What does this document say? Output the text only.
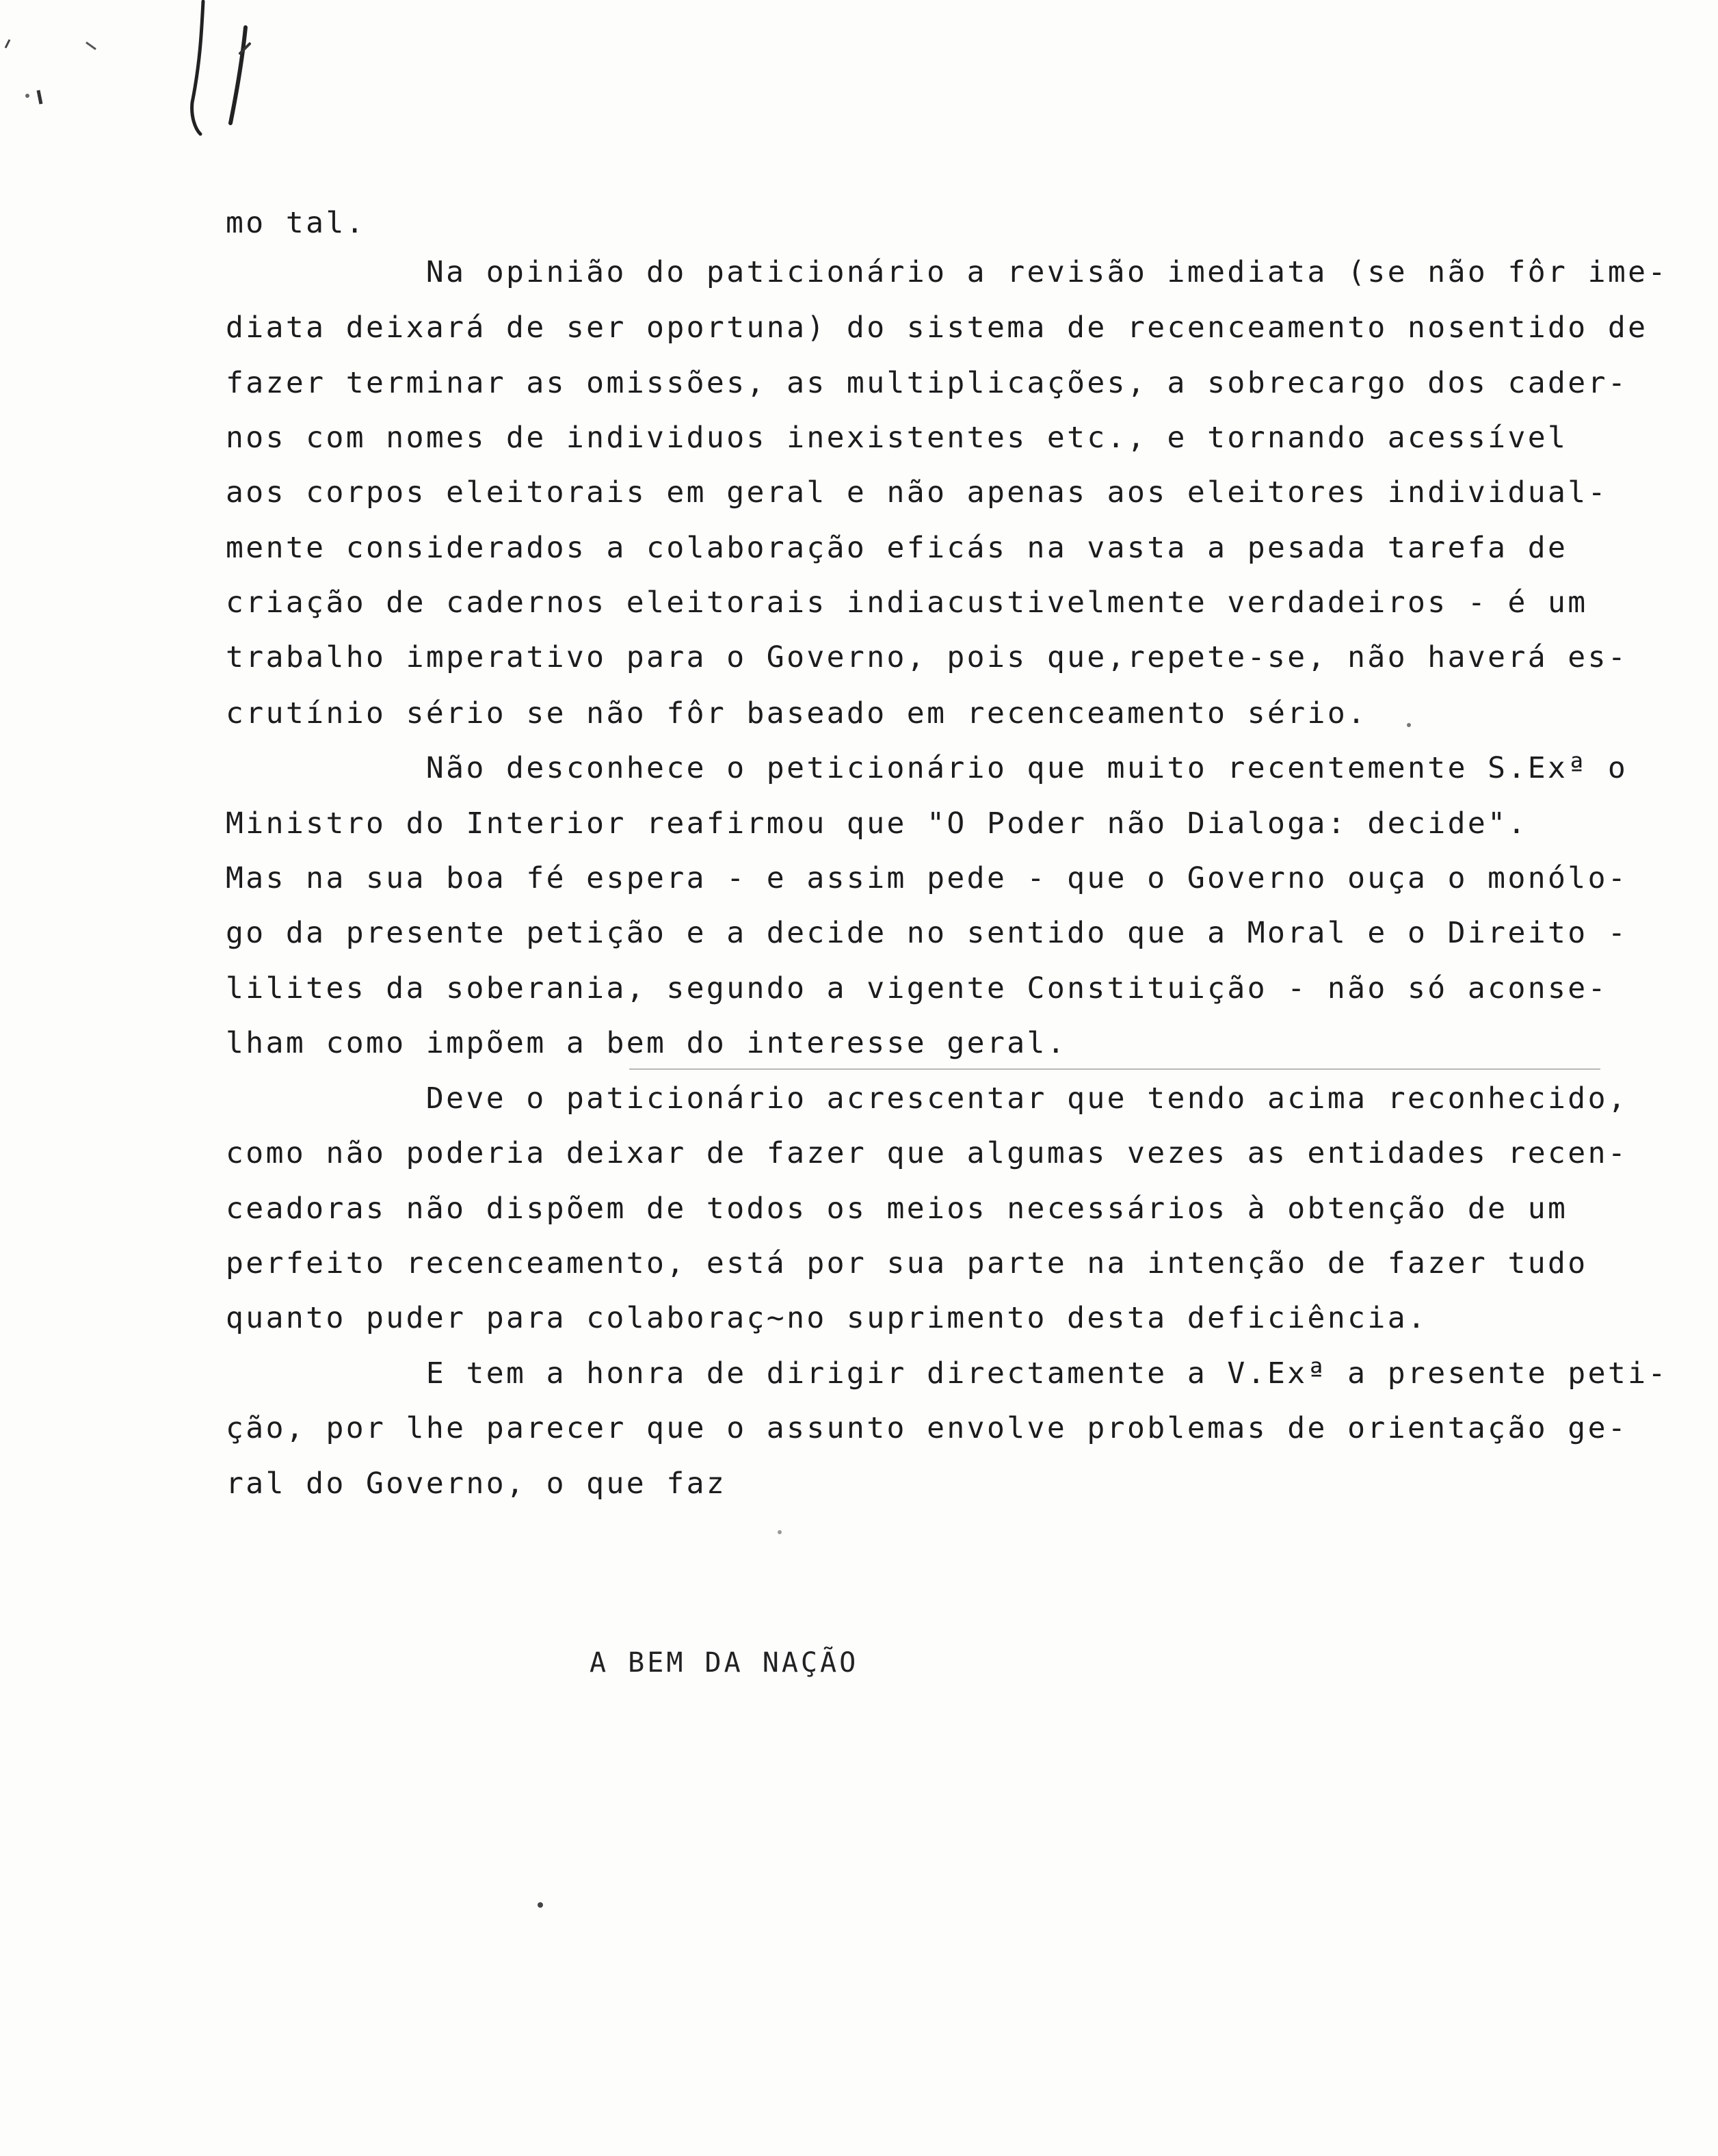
mo tal.
Na opinião do paticionário a revisão imediata (se não fôr ime-
diata deixará de ser oportuna) do sistema de recenceamento nosentido de
fazer terminar as omissões, as multiplicações, a sobrecargo dos cader-
nos com nomes de individuos inexistentes etc., e tornando acessível
aos corpos eleitorais em geral e não apenas aos eleitores individual-
mente considerados a colaboração eficás na vasta a pesada tarefa de
criação de cadernos eleitorais indiacustivelmente verdadeiros - é um
trabalho imperativo para o Governo, pois que,repete-se, não haverá es-
crutínio sério se não fôr baseado em recenceamento sério.
Não desconhece o peticionário que muito recentemente S.Exª o
Ministro do Interior reafirmou que "O Poder não Dialoga: decide".
Mas na sua boa fé espera - e assim pede - que o Governo ouça o monólo-
go da presente petição e a decide no sentido que a Moral e o Direito -
lilites da soberania, segundo a vigente Constituição - não só aconse-
lham como impõem a bem do interesse geral.
Deve o paticionário acrescentar que tendo acima reconhecido,
como não poderia deixar de fazer que algumas vezes as entidades recen-
ceadoras não dispõem de todos os meios necessários à obtenção de um
perfeito recenceamento, está por sua parte na intenção de fazer tudo
quanto puder para colaboraç~no suprimento desta deficiência.
E tem a honra de dirigir directamente a V.Exª a presente peti-
ção, por lhe parecer que o assunto envolve problemas de orientação ge-
ral do Governo, o que faz
A BEM DA NAÇÃO
